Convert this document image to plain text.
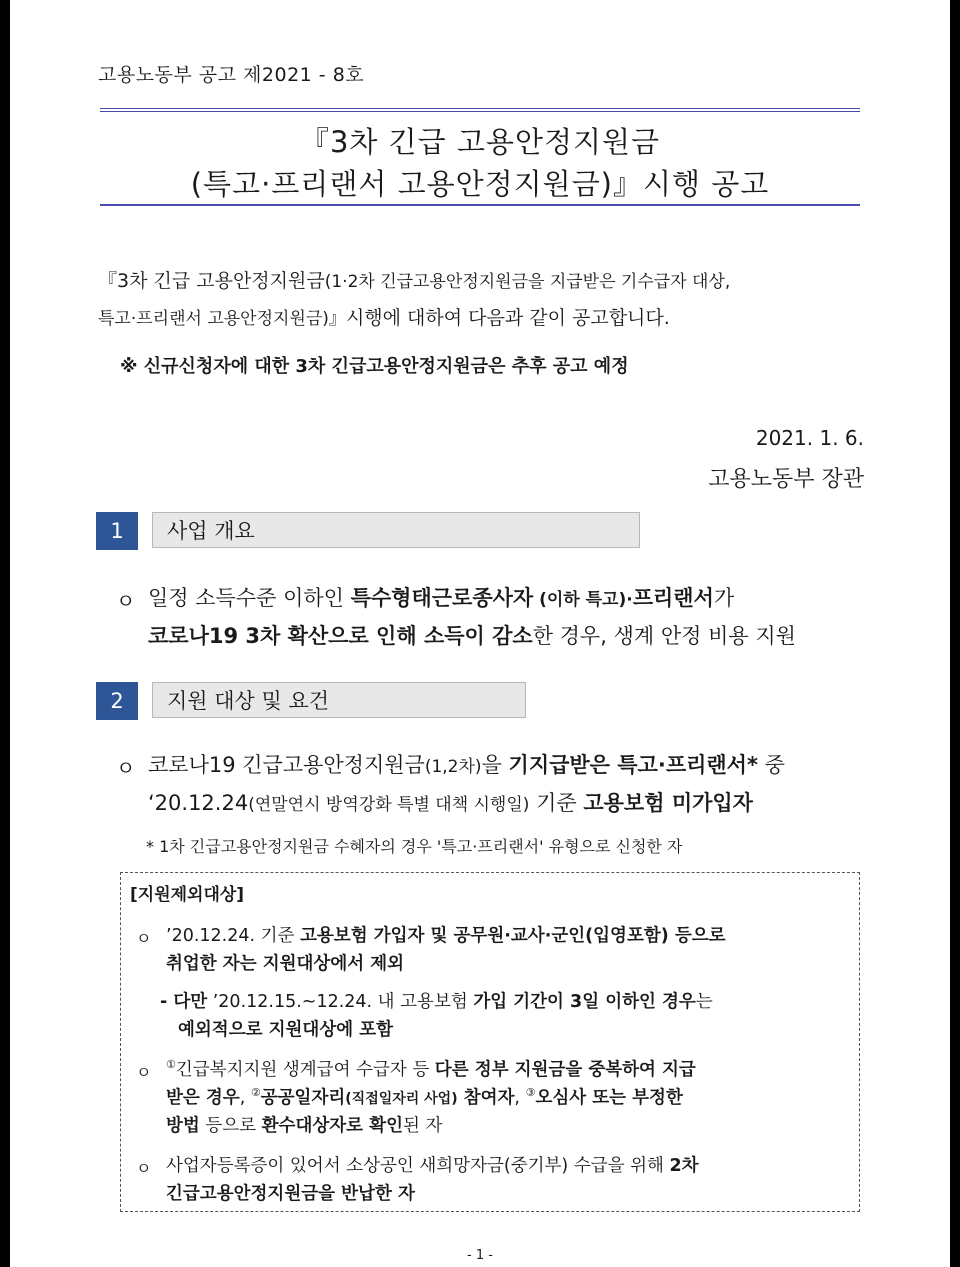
고용노동부 공고 제2021 - 8호
『3차 긴급 고용안정지원금
(특고·프리랜서 고용안정지원금)』시행 공고
『3차 긴급 고용안정지원금(1·2차 긴급고용안정지원금을 지급받은 기수급자 대상,
특고·프리랜서 고용안정지원금)』시행에 대하여 다음과 같이 공고합니다.
※ 신규신청자에 대한 3차 긴급고용안정지원금은 추후 공고 예정
2021. 1. 6.
고용노동부 장관
1	사업 개요
ㅇ 일정 소득수준 이하인 특수형태근로종사자 (이하 특고)·프리랜서가
코로나19 3차 확산으로 인해 소득이 감소한 경우, 생계 안정 비용 지원
2	지원 대상 및 요건
ㅇ 코로나19 긴급고용안정지원금(1,2차)을 기지급받은 특고·프리랜서* 중
‘20.12.24(연말연시 방역강화 특별 대책 시행일) 기준 고용보험 미가입자
* 1차 긴급고용안정지원금 수혜자의 경우 '특고·프리랜서' 유형으로 신청한 자
[지원제외대상]
ㅇ ’20.12.24. 기준 고용보험 가입자 및 공무원·교사·군인(입영포함) 등으로
취업한 자는 지원대상에서 제외
- 다만 ’20.12.15.~12.24. 내 고용보험 가입 기간이 3일 이하인 경우는
예외적으로 지원대상에 포함
ㅇ ①긴급복지지원 생계급여 수급자 등 다른 정부 지원금을 중복하여 지급
받은 경우, ②공공일자리(직접일자리 사업) 참여자, ③오심사 또는 부정한
방법 등으로 환수대상자로 확인된 자
ㅇ 사업자등록증이 있어서 소상공인 새희망자금(중기부) 수급을 위해 2차
긴급고용안정지원금을 반납한 자
- 1 -
